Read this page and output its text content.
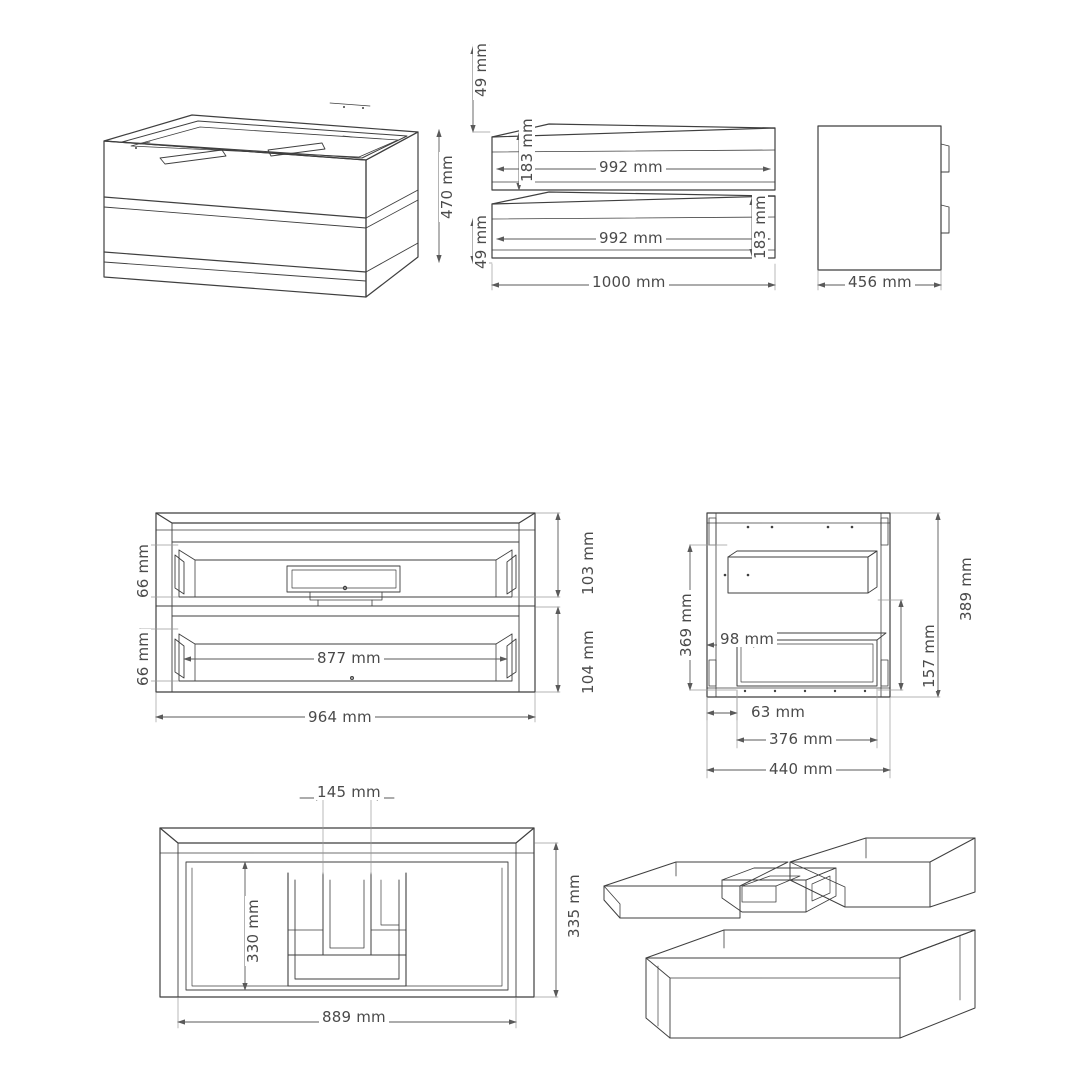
49 mm
183 mm
470 mm	992 mm
183 mm
992 mm
49 mm
1000 mm	456 mm
66 mm
66 mm
103 mm
104 mm
877 mm
964 mm
369 mm
389 mm
157 mm
98 mm
63 mm
376 mm
440 mm
145 mm
330 mm	335 mm
889 mm
